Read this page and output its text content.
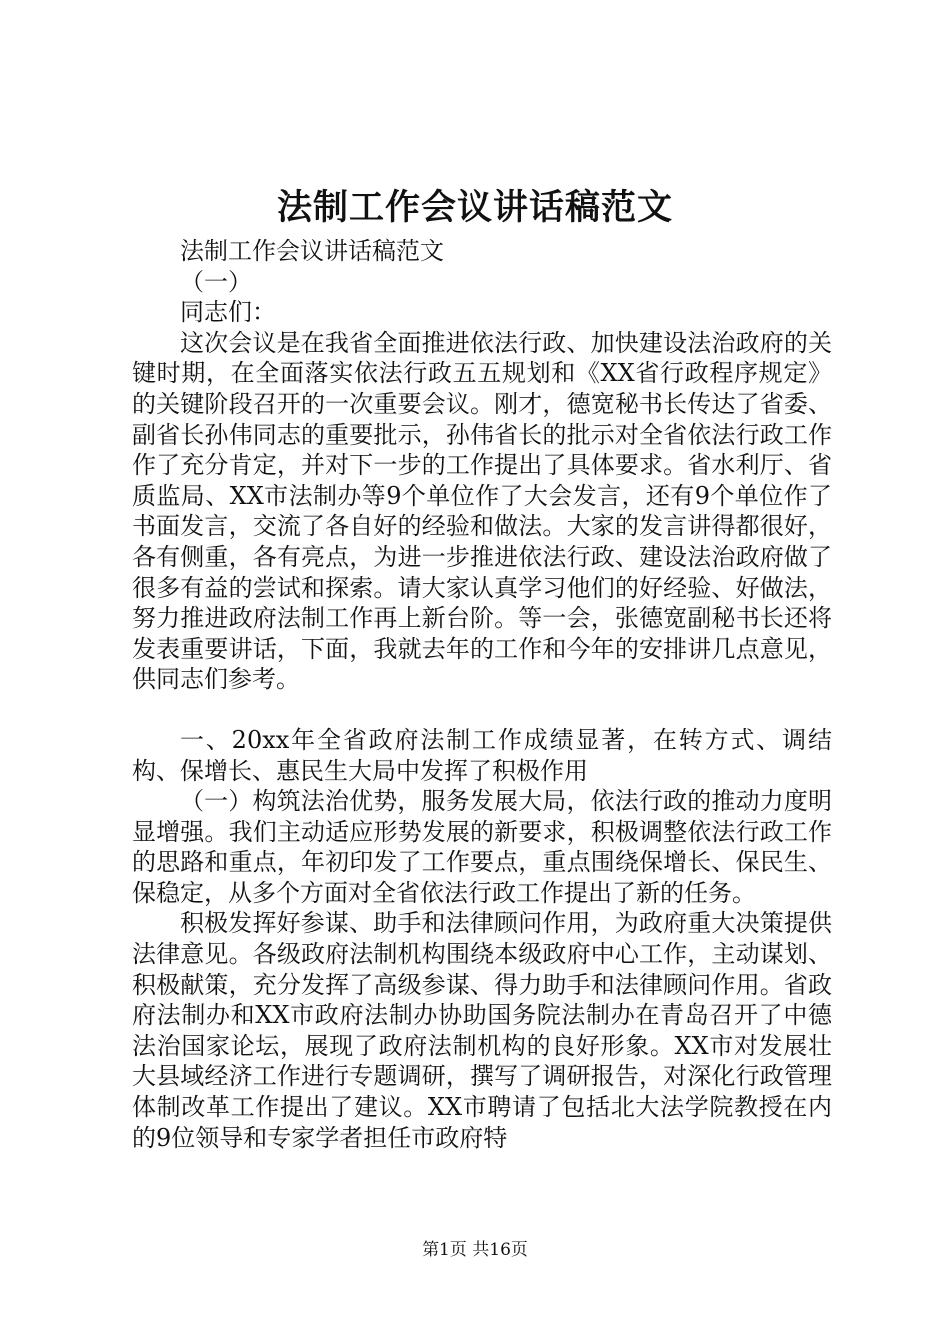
法制工作会议讲话稿范文

法制工作会议讲话稿范文

（一）

同志们：

这次会议是在我省全面推进依法行政、加快建设法治政府的关键时期，在全面落实依法行政五五规划和《XX省行政程序规定》的关键阶段召开的一次重要会议。刚才，德宽秘书长传达了省委、副省长孙伟同志的重要批示，孙伟省长的批示对全省依法行政工作作了充分肯定，并对下一步的工作提出了具体要求。省水利厅、省质监局、XX市法制办等9个单位作了大会发言，还有9个单位作了书面发言，交流了各自好的经验和做法。大家的发言讲得都很好，各有侧重，各有亮点，为进一步推进依法行政、建设法治政府做了很多有益的尝试和探索。请大家认真学习他们的好经验、好做法，努力推进政府法制工作再上新台阶。等一会，张德宽副秘书长还将发表重要讲话，下面，我就去年的工作和今年的安排讲几点意见，供同志们参考。

一、20xx年全省政府法制工作成绩显著，在转方式、调结构、保增长、惠民生大局中发挥了积极作用

（一）构筑法治优势，服务发展大局，依法行政的推动力度明显增强。我们主动适应形势发展的新要求，积极调整依法行政工作的思路和重点，年初印发了工作要点，重点围绕保增长、保民生、保稳定，从多个方面对全省依法行政工作提出了新的任务。

积极发挥好参谋、助手和法律顾问作用，为政府重大决策提供法律意见。各级政府法制机构围绕本级政府中心工作，主动谋划、积极献策，充分发挥了高级参谋、得力助手和法律顾问作用。省政府法制办和XX市政府法制办协助国务院法制办在青岛召开了中德法治国家论坛，展现了政府法制机构的良好形象。XX市对发展壮大县域经济工作进行专题调研，撰写了调研报告，对深化行政管理体制改革工作提出了建议。XX市聘请了包括北大法学院教授在内的9位领导和专家学者担任市政府特

第1页 共16页
